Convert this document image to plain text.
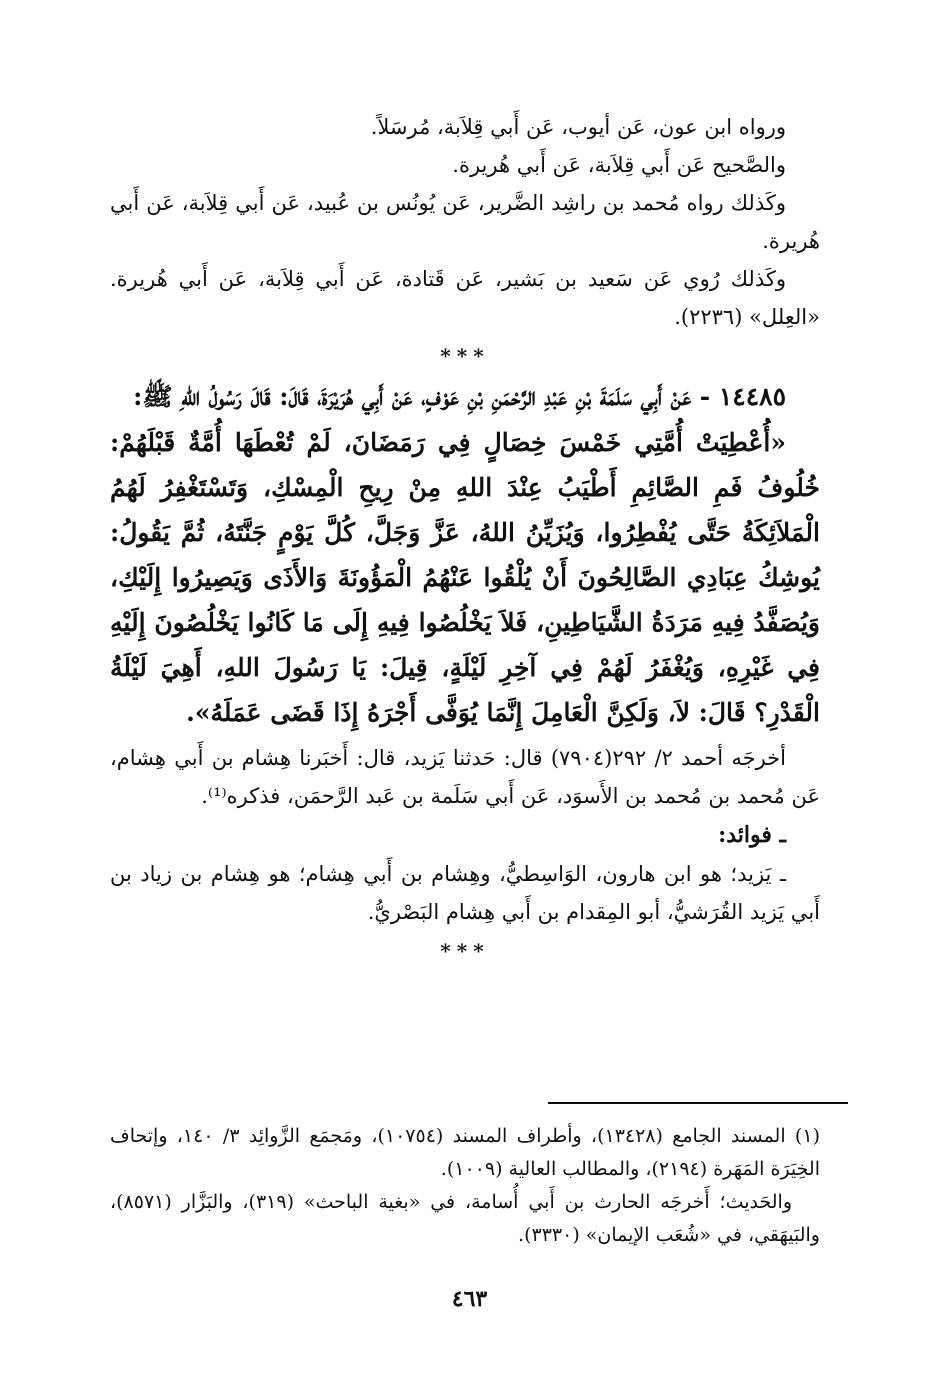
ورواه ابن عون، عَن أيوب، عَن أَبي قِلاَبة، مُرسَلاً.

والصَّحيح عَن أَبي قِلاَبة، عَن أَبي هُريرة.

وكَذلك رواه مُحمد بن راشِد الضَّرير، عَن يُونُس بن عُبيد، عَن أَبي قِلاَبة، عَن أَبي هُريرة.

وكَذلك رُوي عَن سَعيد بن بَشير، عَن قَتادة، عَن أَبي قِلاَبة، عَن أَبي هُريرة. «العِلل» (٢٢٣٦).

***

١٤٤٨٥ - عَنْ أَبِي سَلَمَةَ بْنِ عَبْدِ الرَّحْمَنِ بْنِ عَوْفٍ، عَنْ أَبِي هُرَيْرَةَ، قَالَ: قَالَ رَسُولُ اللهِ ﷺ:

«أُعْطِيَتْ أُمَّتِي خَمْسَ خِصَالٍ فِي رَمَضَانَ، لَمْ تُعْطَهَا أُمَّةٌ قَبْلَهُمْ: خُلُوفُ فَمِ الصَّائِمِ أَطْيَبُ عِنْدَ اللهِ مِنْ رِيحِ الْمِسْكِ، وَتَسْتَغْفِرُ لَهُمُ الْمَلاَئِكَةُ حَتَّى يُفْطِرُوا، وَيُزَيِّنُ اللهُ، عَزَّ وَجَلَّ، كُلَّ يَوْمٍ جَنَّتَهُ، ثُمَّ يَقُولُ: يُوشِكُ عِبَادِي الصَّالِحُونَ أَنْ يُلْقُوا عَنْهُمُ الْمَؤُونَةَ وَالأَذَى وَيَصِيرُوا إِلَيْكِ، وَيُصَفَّدُ فِيهِ مَرَدَةُ الشَّيَاطِينِ، فَلاَ يَخْلُصُوا فِيهِ إِلَى مَا كَانُوا يَخْلُصُونَ إِلَيْهِ فِي غَيْرِهِ، وَيُغْفَرُ لَهُمْ فِي آخِرِ لَيْلَةٍ، قِيلَ: يَا رَسُولَ اللهِ، أَهِيَ لَيْلَةُ الْقَدْرِ؟ قَالَ: لاَ، وَلَكِنَّ الْعَامِلَ إِنَّمَا يُوَفَّى أَجْرَهُ إِذَا قَضَى عَمَلَهُ».

أخرجَه أحمد ٢/ ٢٩٢(٧٩٠٤) قال: حَدثنا يَزيد، قال: أَخبَرنا هِشام بن أَبي هِشام، عَن مُحمد بن مُحمد بن الأَسوَد، عَن أَبي سَلَمة بن عَبد الرَّحمَن، فذكره⁽¹⁾.

ـ فوائد:

ـ يَزيد؛ هو ابن هارون، الوَاسِطيُّ، وهِشام بن أَبي هِشام؛ هو هِشام بن زياد بن أَبي يَزيد القُرَشيُّ، أبو المِقدام بن أَبي هِشام البَصْريُّ.

***

(١) المسند الجامع (١٣٤٢٨)، وأطراف المسند (١٠٧٥٤)، ومَجمَع الزَّوائِد ٣/ ١٤٠، وإتحاف الخِيَرَة المَهَرة (٢١٩٤)، والمطالب العالية (١٠٠٩).

والحَديث؛ أَخرجَه الحارث بن أَبي أُسامة، في «بغية الباحث» (٣١٩)، والبَزَّار (٨٥٧١)، والبَيهَقي، في «شُعَب الإيمان» (٣٣٣٠).

٤٦٣
